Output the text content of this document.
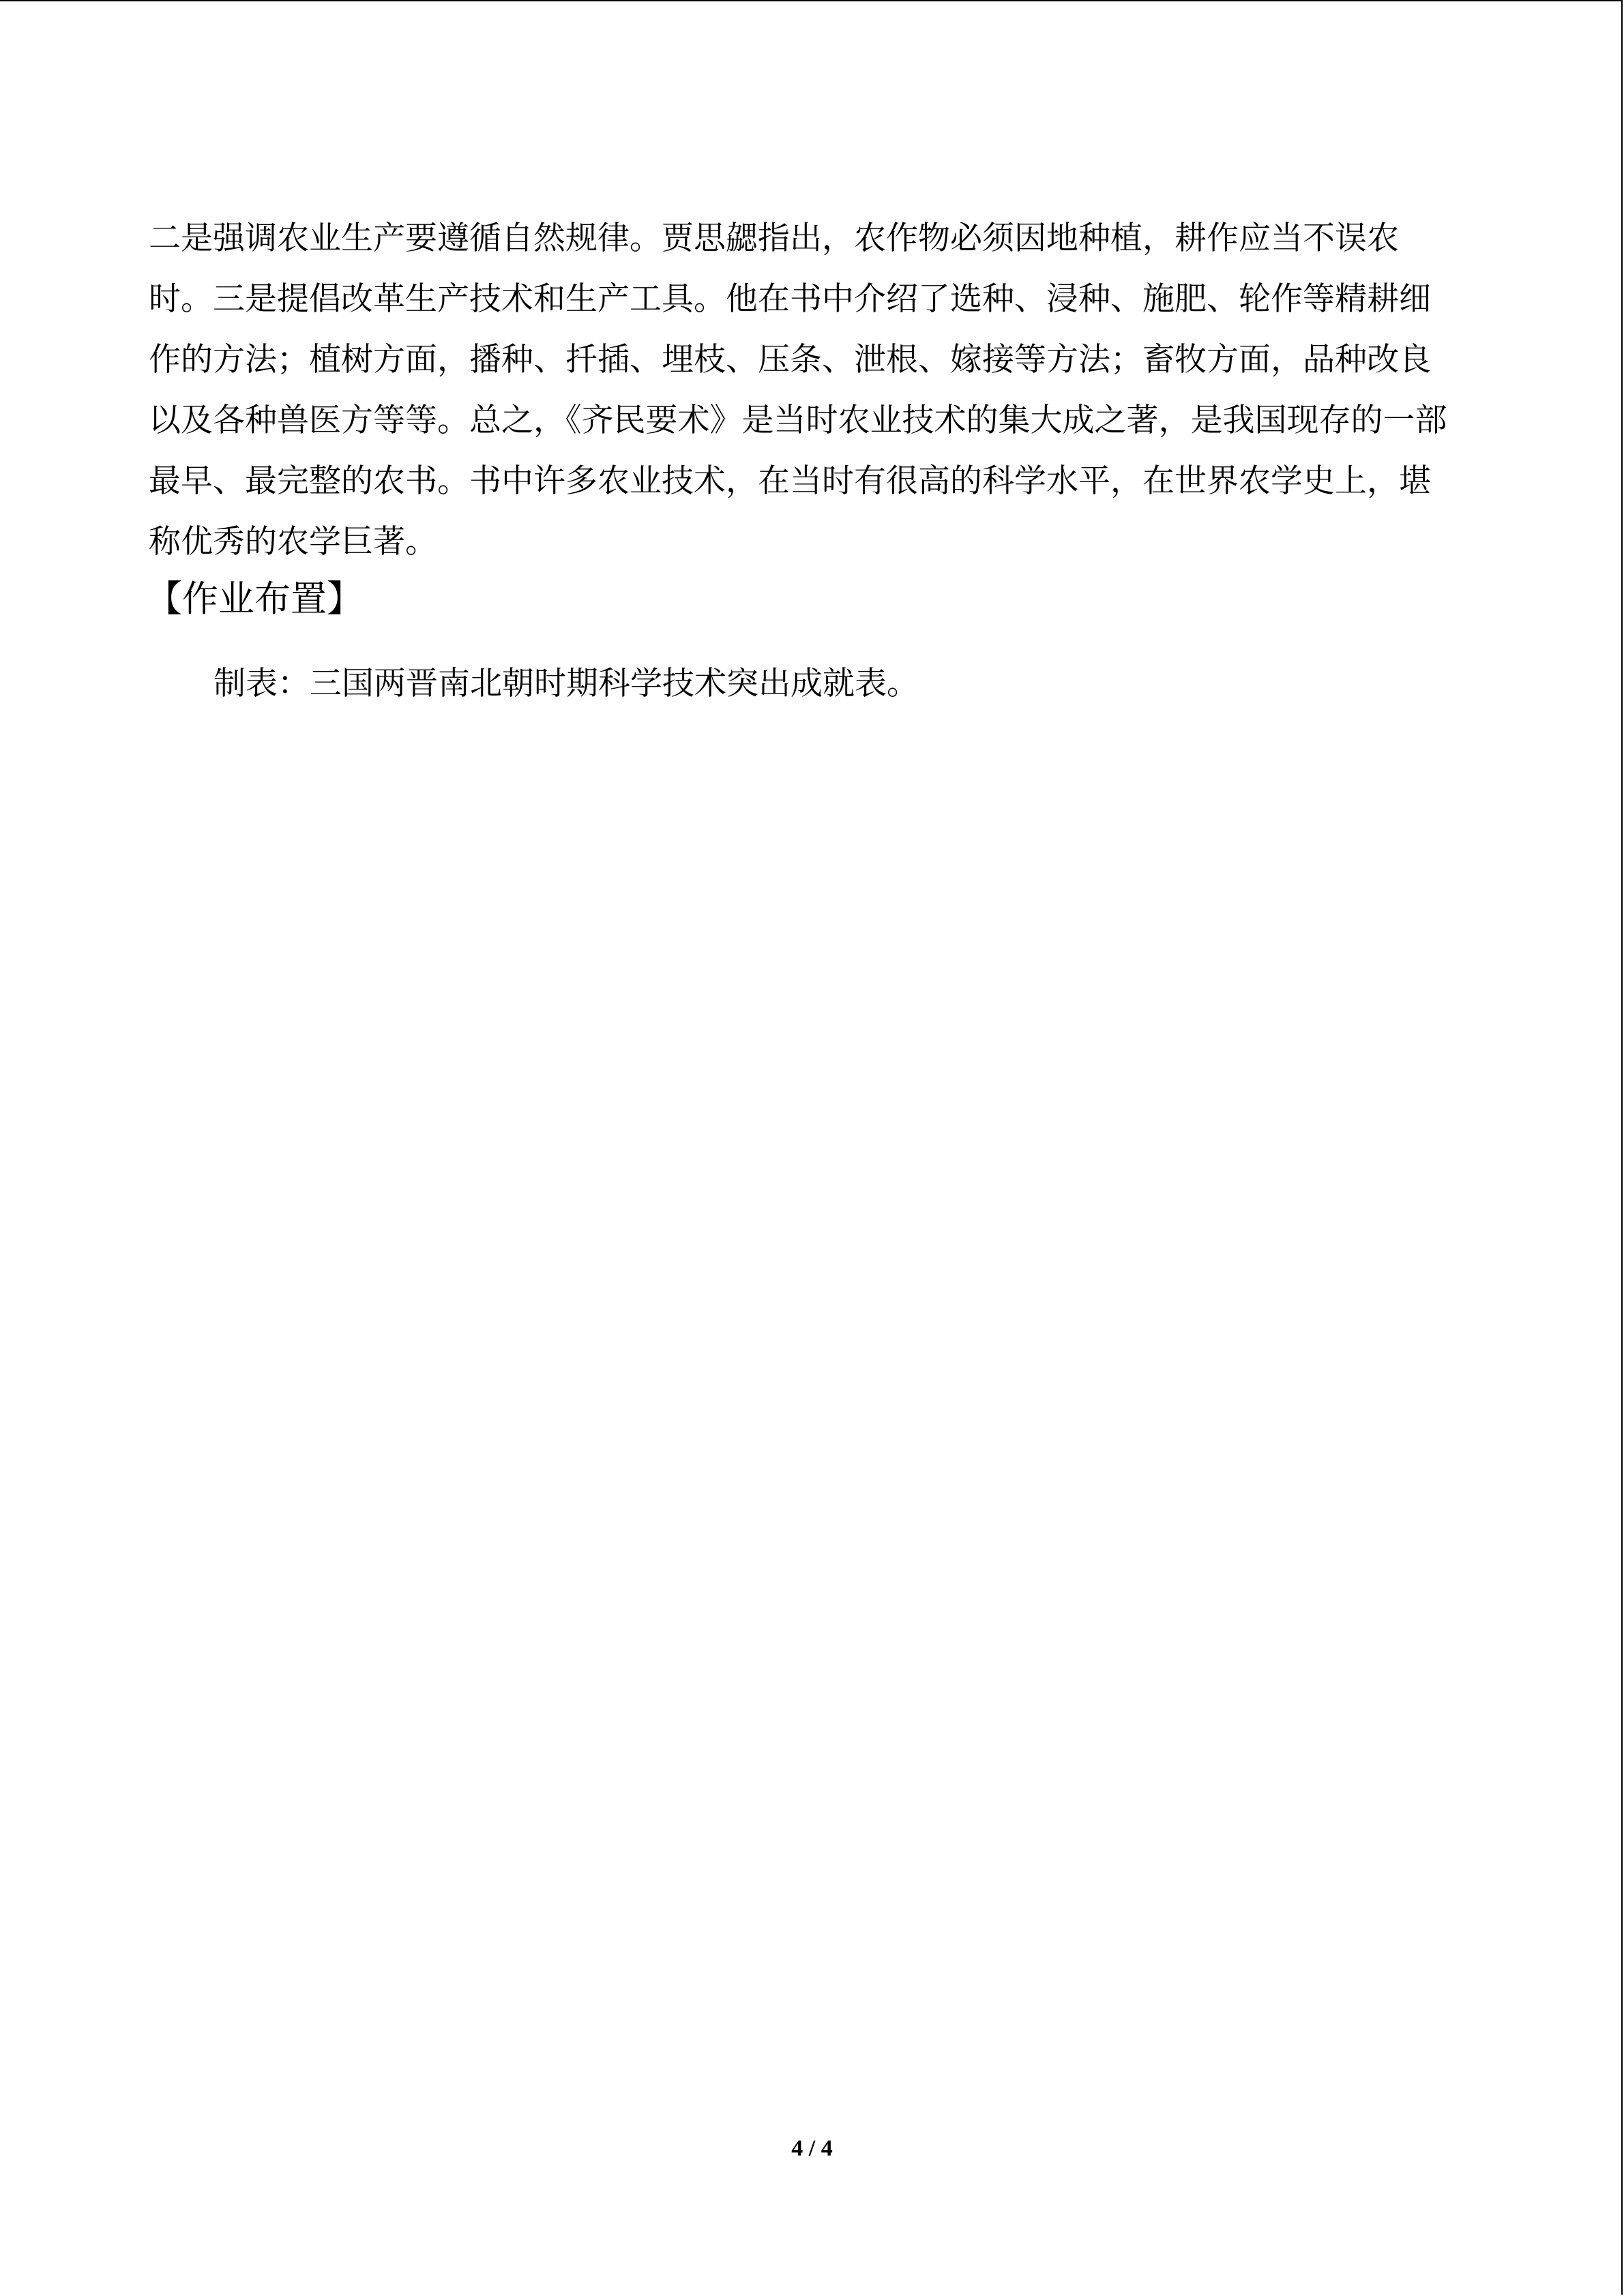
二是强调农业生产要遵循自然规律。贾思勰指出，农作物必须因地种植，耕作应当不误农
时。三是提倡改革生产技术和生产工具。他在书中介绍了选种、浸种、施肥、轮作等精耕细
作的方法；植树方面，播种、扦插、埋枝、压条、泄根、嫁接等方法；畜牧方面，品种改良
以及各种兽医方等等。总之，《齐民要术》是当时农业技术的集大成之著，是我国现存的一部
最早、最完整的农书。书中许多农业技术，在当时有很高的科学水平，在世界农学史上，堪
称优秀的农学巨著。
【作业布置】

制表：三国两晋南北朝时期科学技术突出成就表。

4 / 4
